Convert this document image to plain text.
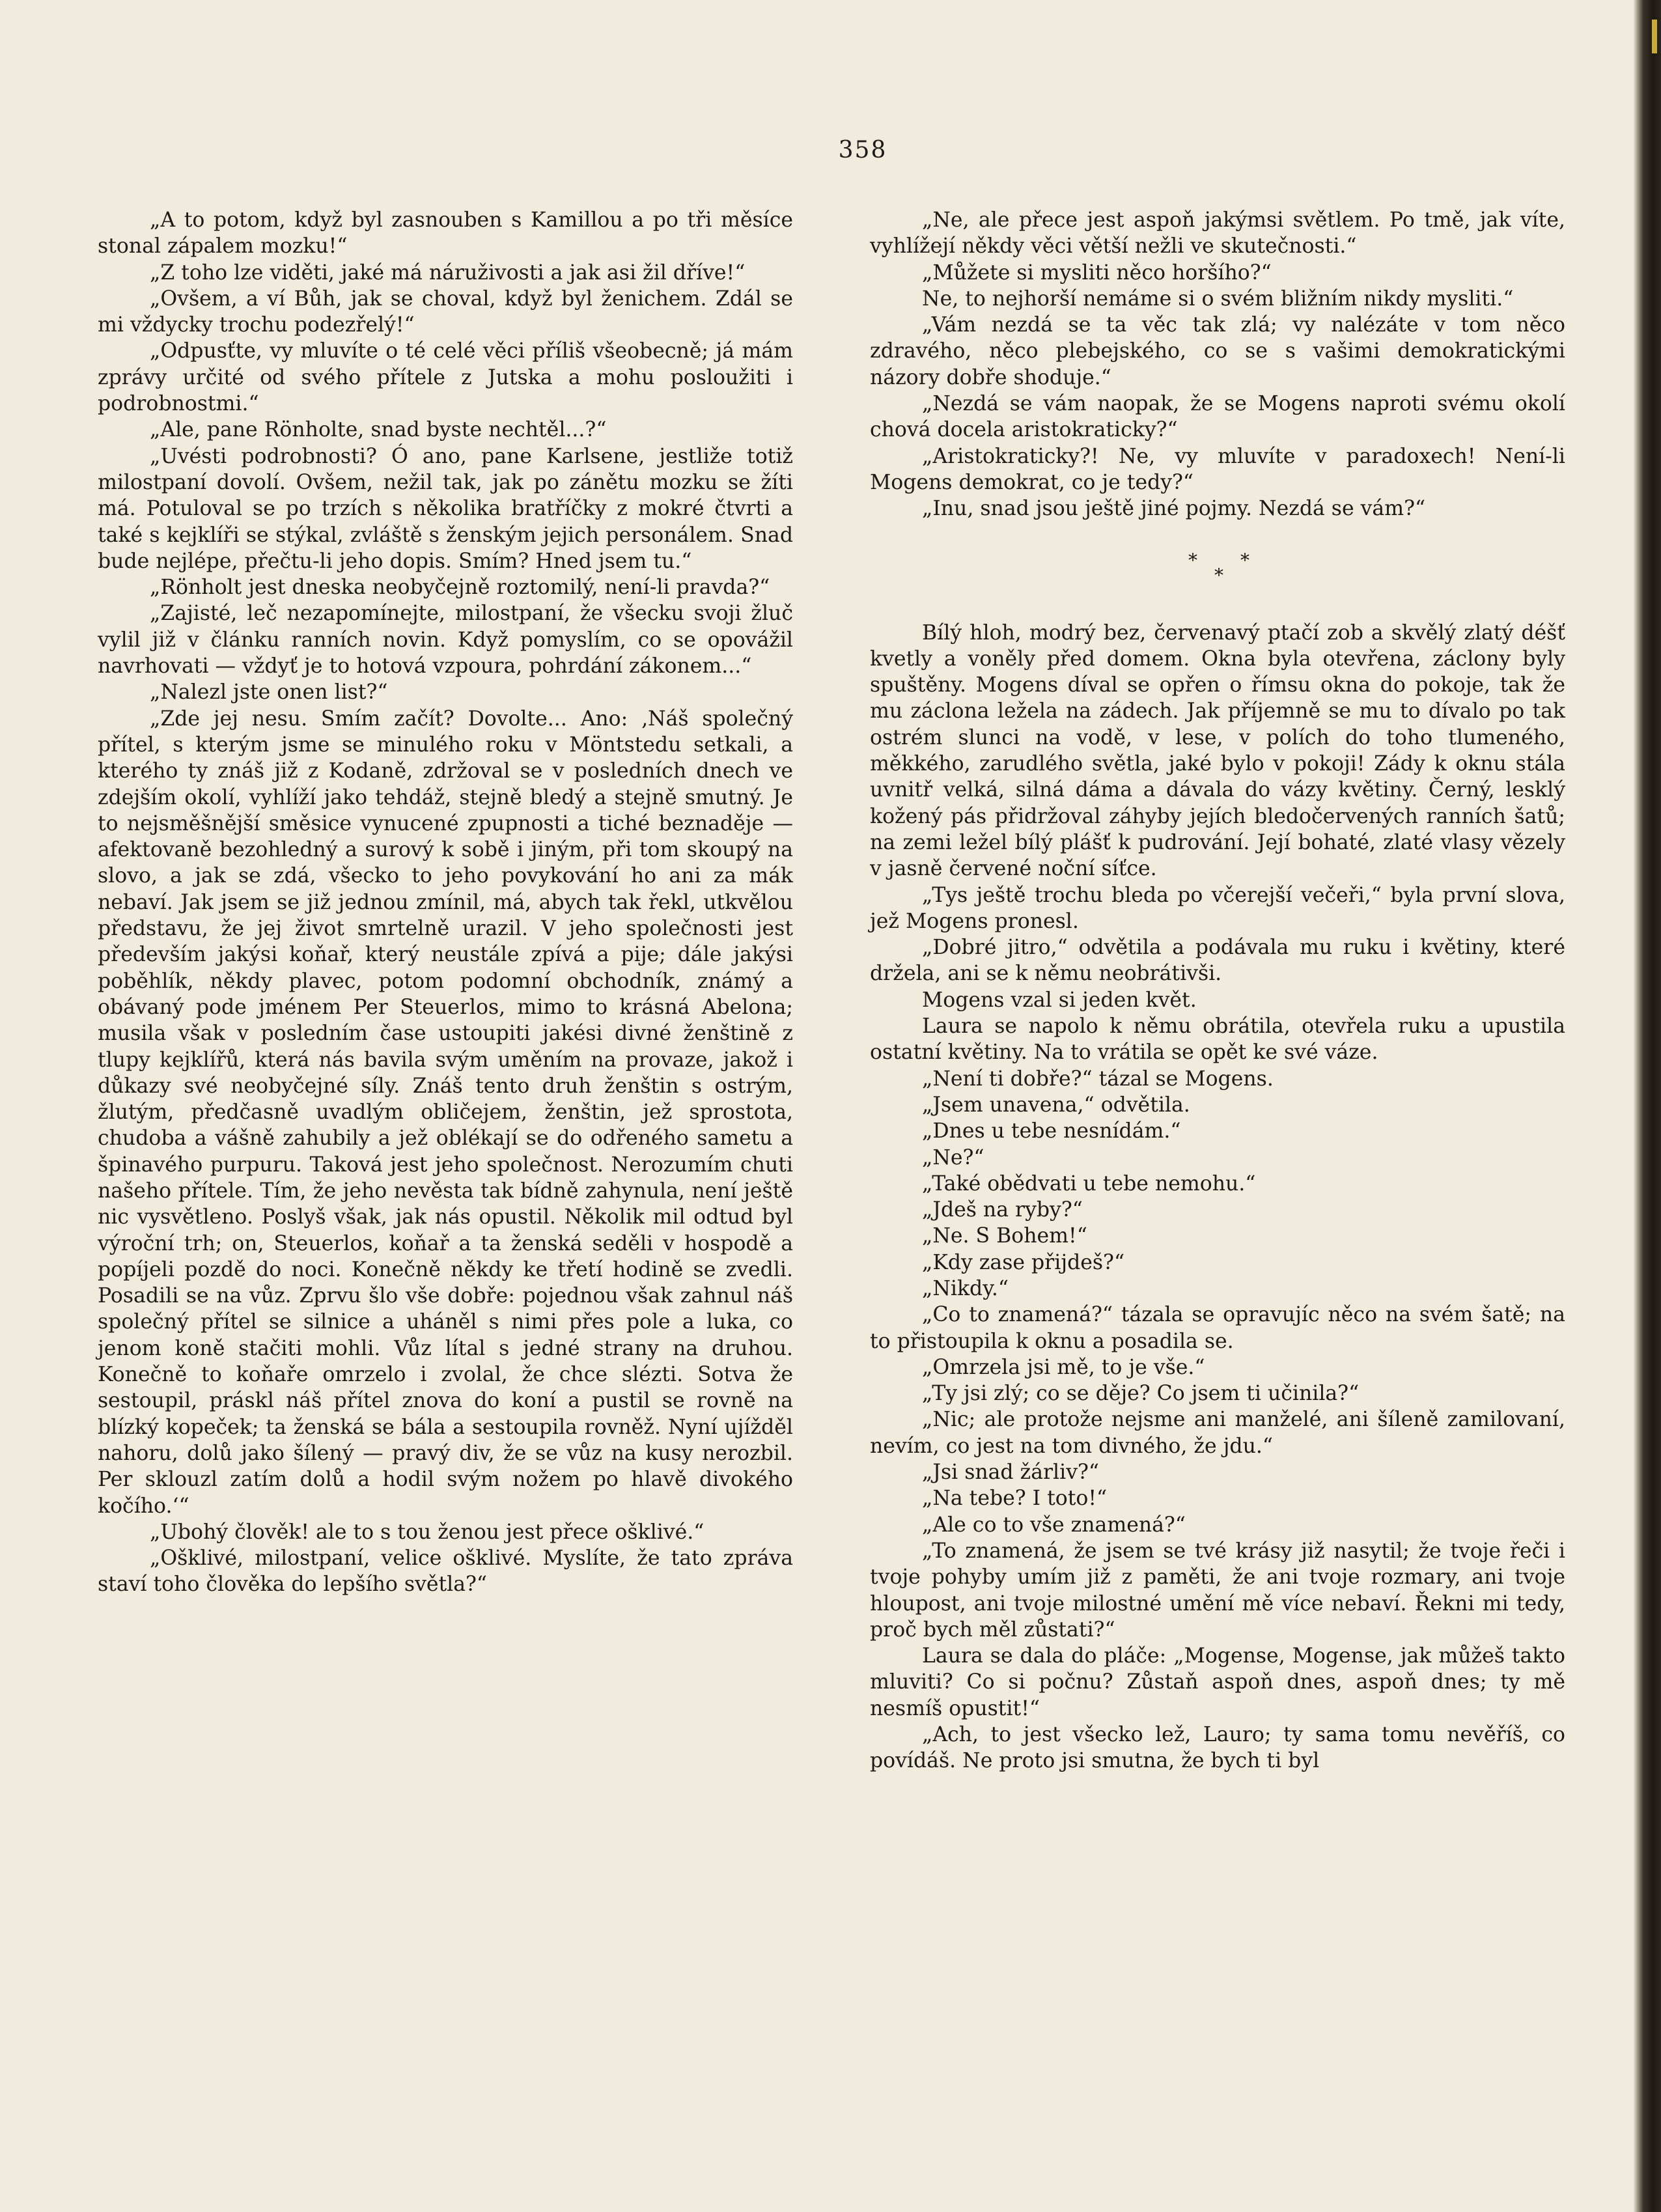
358

„A to potom, když byl zasnouben s Kamillou a po tři měsíce stonal zápalem mozku!“

„Z toho lze viděti, jaké má náruživosti a jak asi žil dříve!“

„Ovšem, a ví Bůh, jak se choval, když byl ženichem. Zdál se mi vždycky trochu podezřelý!“

„Odpusťte, vy mluvíte o té celé věci příliš všeobecně; já mám zprávy určité od svého přítele z Jutska a mohu posloužiti i podrobnostmi.“

„Ale, pane Rönholte, snad byste nechtěl...?“

„Uvésti podrobnosti? Ó ano, pane Karlsene, jestliže totiž milostpaní dovolí. Ovšem, nežil tak, jak po zánětu mozku se žíti má. Potuloval se po trzích s několika bratříčky z mokré čtvrti a také s kejklíři se stýkal, zvláště s ženským jejich personálem. Snad bude nejlépe, přečtu-li jeho dopis. Smím? Hned jsem tu.“

„Rönholt jest dneska neobyčejně roztomilý, není-li pravda?“

„Zajisté, leč nezapomínejte, milostpaní, že všecku svoji žluč vylil již v článku ranních novin. Když pomyslím, co se opovážil navrhovati — vždyť je to hotová vzpoura, pohrdání zákonem...“

„Nalezl jste onen list?“

„Zde jej nesu. Smím začít? Dovolte... Ano: ‚Náš společný přítel, s kterým jsme se minulého roku v Möntstedu setkali, a kterého ty znáš již z Kodaně, zdržoval se v posledních dnech ve zdejším okolí, vyhlíží jako tehdáž, stejně bledý a stejně smutný. Je to nejsměšnější směsice vynucené zpupnosti a tiché beznaděje — afektovaně bezohledný a surový k sobě i jiným, při tom skoupý na slovo, a jak se zdá, všecko to jeho povykování ho ani za mák nebaví. Jak jsem se již jednou zmínil, má, abych tak řekl, utkvělou představu, že jej život smrtelně urazil. V jeho společnosti jest především jakýsi koňař, který neustále zpívá a pije; dále jakýsi poběhlík, někdy plavec, potom podomní obchodník, známý a obávaný pode jménem Per Steuerlos, mimo to krásná Abelona; musila však v posledním čase ustoupiti jakési divné ženštině z tlupy kejklířů, která nás bavila svým uměním na provaze, jakož i důkazy své neobyčejné síly. Znáš tento druh ženštin s ostrým, žlutým, předčasně uvadlým obličejem, ženštin, jež sprostota, chudoba a vášně zahubily a jež oblékají se do odřeného sametu a špinavého purpuru. Taková jest jeho společnost. Nerozumím chuti našeho přítele. Tím, že jeho nevěsta tak bídně zahynula, není ještě nic vysvětleno. Poslyš však, jak nás opustil. Několik mil odtud byl výroční trh; on, Steuerlos, koňař a ta ženská seděli v hospodě a popíjeli pozdě do noci. Konečně někdy ke třetí hodině se zvedli. Posadili se na vůz. Zprvu šlo vše dobře: pojednou však zahnul náš společný přítel se silnice a uháněl s nimi přes pole a luka, co jenom koně stačiti mohli. Vůz lítal s jedné strany na druhou. Konečně to koňaře omrzelo i zvolal, že chce slézti. Sotva že sestoupil, práskl náš přítel znova do koní a pustil se rovně na blízký kopeček; ta ženská se bála a sestoupila rovněž. Nyní ujížděl nahoru, dolů jako šílený — pravý div, že se vůz na kusy nerozbil. Per sklouzl zatím dolů a hodil svým nožem po hlavě divokého kočího.‘“

„Ubohý člověk! ale to s tou ženou jest přece ošklivé.“

„Ošklivé, milostpaní, velice ošklivé. Myslíte, že tato zpráva staví toho člověka do lepšího světla?“

„Ne, ale přece jest aspoň jakýmsi světlem. Po tmě, jak víte, vyhlížejí někdy věci větší nežli ve skutečnosti.“

„Můžete si mysliti něco horšího?“

Ne, to nejhorší nemáme si o svém bližním nikdy mysliti.“

„Vám nezdá se ta věc tak zlá; vy nalézáte v tom něco zdravého, něco plebejského, co se s vašimi demokratickými názory dobře shoduje.“

„Nezdá se vám naopak, že se Mogens naproti svému okolí chová docela aristokraticky?“

„Aristokraticky?! Ne, vy mluvíte v paradoxech! Není-li Mogens demokrat, co je tedy?“

„Inu, snad jsou ještě jiné pojmy. Nezdá se vám?“

* *
*

Bílý hloh, modrý bez, červenavý ptačí zob a skvělý zlatý déšť kvetly a voněly před domem. Okna byla otevřena, záclony byly spuštěny. Mogens díval se opřen o římsu okna do pokoje, tak že mu záclona ležela na zádech. Jak příjemně se mu to dívalo po tak ostrém slunci na vodě, v lese, v polích do toho tlumeného, měkkého, zarudlého světla, jaké bylo v pokoji! Zády k oknu stála uvnitř velká, silná dáma a dávala do vázy květiny. Černý, lesklý kožený pás přidržoval záhyby jejích bledočervených ranních šatů; na zemi ležel bílý plášť k pudrování. Její bohaté, zlaté vlasy vězely v jasně červené noční síťce.

„Tys ještě trochu bleda po včerejší večeři,“ byla první slova, jež Mogens pronesl.

„Dobré jitro,“ odvětila a podávala mu ruku i květiny, které držela, ani se k němu neobrátivši.

Mogens vzal si jeden květ.

Laura se napolo k němu obrátila, otevřela ruku a upustila ostatní květiny. Na to vrátila se opět ke své váze.

„Není ti dobře?“ tázal se Mogens.

„Jsem unavena,“ odvětila.

„Dnes u tebe nesnídám.“

„Ne?“

„Také obědvati u tebe nemohu.“

„Jdeš na ryby?“

„Ne. S Bohem!“

„Kdy zase přijdeš?“

„Nikdy.“

„Co to znamená?“ tázala se opravujíc něco na svém šatě; na to přistoupila k oknu a posadila se.

„Omrzela jsi mě, to je vše.“

„Ty jsi zlý; co se děje? Co jsem ti učinila?“

„Nic; ale protože nejsme ani manželé, ani šíleně zamilovaní, nevím, co jest na tom divného, že jdu.“

„Jsi snad žárliv?“

„Na tebe? I toto!“

„Ale co to vše znamená?“

„To znamená, že jsem se tvé krásy již nasytil; že tvoje řeči i tvoje pohyby umím již z paměti, že ani tvoje rozmary, ani tvoje hloupost, ani tvoje milostné umění mě více nebaví. Řekni mi tedy, proč bych měl zůstati?“

Laura se dala do pláče: „Mogense, Mogense, jak můžeš takto mluviti? Co si počnu? Zůstaň aspoň dnes, aspoň dnes; ty mě nesmíš opustit!“

„Ach, to jest všecko lež, Lauro; ty sama tomu nevěříš, co povídáš. Ne proto jsi smutna, že bych ti byl
